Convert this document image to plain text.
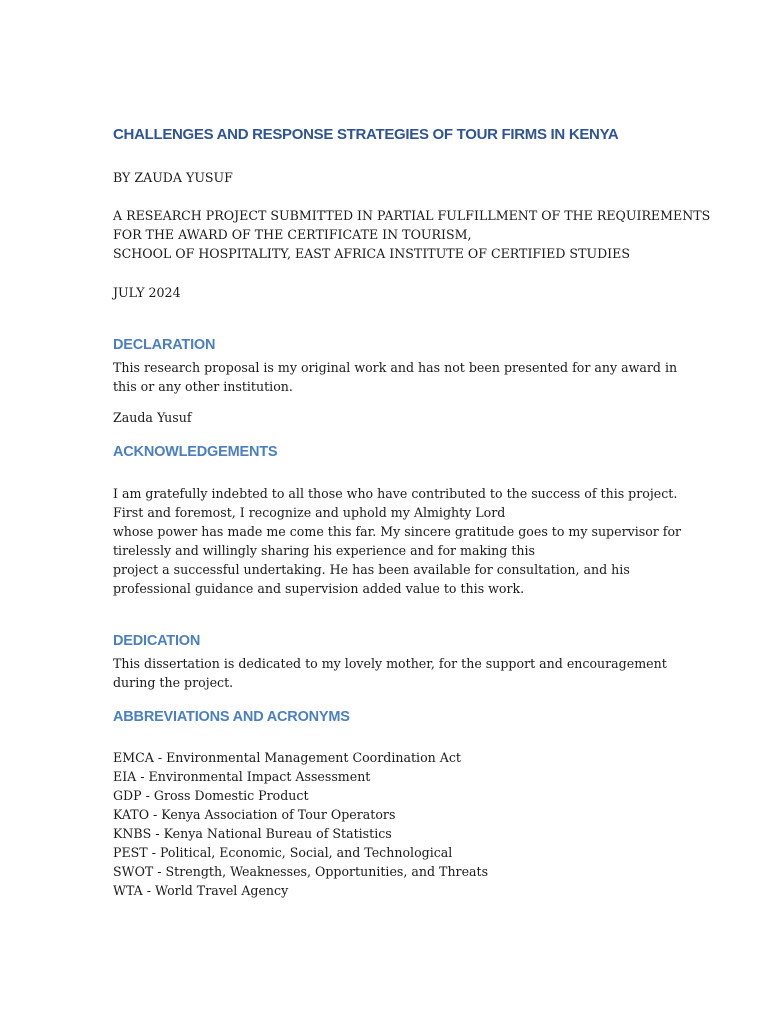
CHALLENGES AND RESPONSE STRATEGIES OF TOUR FIRMS IN KENYA
BY ZAUDA YUSUF
A RESEARCH PROJECT SUBMITTED IN PARTIAL FULFILLMENT OF THE REQUIREMENTS
FOR THE AWARD OF THE CERTIFICATE IN TOURISM,
SCHOOL OF HOSPITALITY, EAST AFRICA INSTITUTE OF CERTIFIED STUDIES
JULY 2024
DECLARATION
This research proposal is my original work and has not been presented for any award in
this or any other institution.
Zauda Yusuf
ACKNOWLEDGEMENTS
I am gratefully indebted to all those who have contributed to the success of this project.
First and foremost, I recognize and uphold my Almighty Lord
whose power has made me come this far. My sincere gratitude goes to my supervisor for
tirelessly and willingly sharing his experience and for making this
project a successful undertaking. He has been available for consultation, and his
professional guidance and supervision added value to this work.
DEDICATION
This dissertation is dedicated to my lovely mother, for the support and encouragement
during the project.
ABBREVIATIONS AND ACRONYMS
EMCA - Environmental Management Coordination Act
EIA - Environmental Impact Assessment
GDP - Gross Domestic Product
KATO - Kenya Association of Tour Operators
KNBS - Kenya National Bureau of Statistics
PEST - Political, Economic, Social, and Technological
SWOT - Strength, Weaknesses, Opportunities, and Threats
WTA - World Travel Agency
